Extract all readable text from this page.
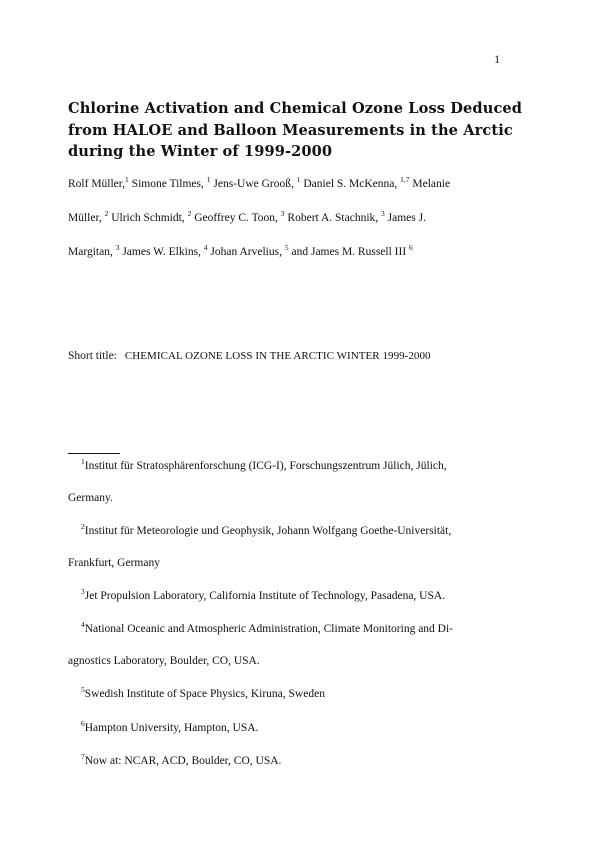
1
Chlorine Activation and Chemical Ozone Loss Deduced
from HALOE and Balloon Measurements in the Arctic
during the Winter of 1999-2000
Rolf Müller,$^1$ Simone Tilmes, $^1$ Jens-Uwe Grooß, $^1$ Daniel S. McKenna, $^{1,7}$ Melanie
Müller, $^2$ Ulrich Schmidt, $^2$ Geoffrey C. Toon, $^3$ Robert A. Stachnik, $^3$ James J.
Margitan, $^3$ James W. Elkins, $^4$ Johan Arvelius, $^5$ and James M. Russell III $^6$
Short title: CHEMICAL OZONE LOSS IN THE ARCTIC WINTER 1999-2000
$^1$Institut für Stratosphärenforschung (ICG-I), Forschungszentrum Jülich, Jülich,
Germany.
$^2$Institut für Meteorologie und Geophysik, Johann Wolfgang Goethe-Universität,
Frankfurt, Germany
$^3$Jet Propulsion Laboratory, California Institute of Technology, Pasadena, USA.
$^4$National Oceanic and Atmospheric Administration, Climate Monitoring and Di-
agnostics Laboratory, Boulder, CO, USA.
$^5$Swedish Institute of Space Physics, Kiruna, Sweden
$^6$Hampton University, Hampton, USA.
$^7$Now at: NCAR, ACD, Boulder, CO, USA.
